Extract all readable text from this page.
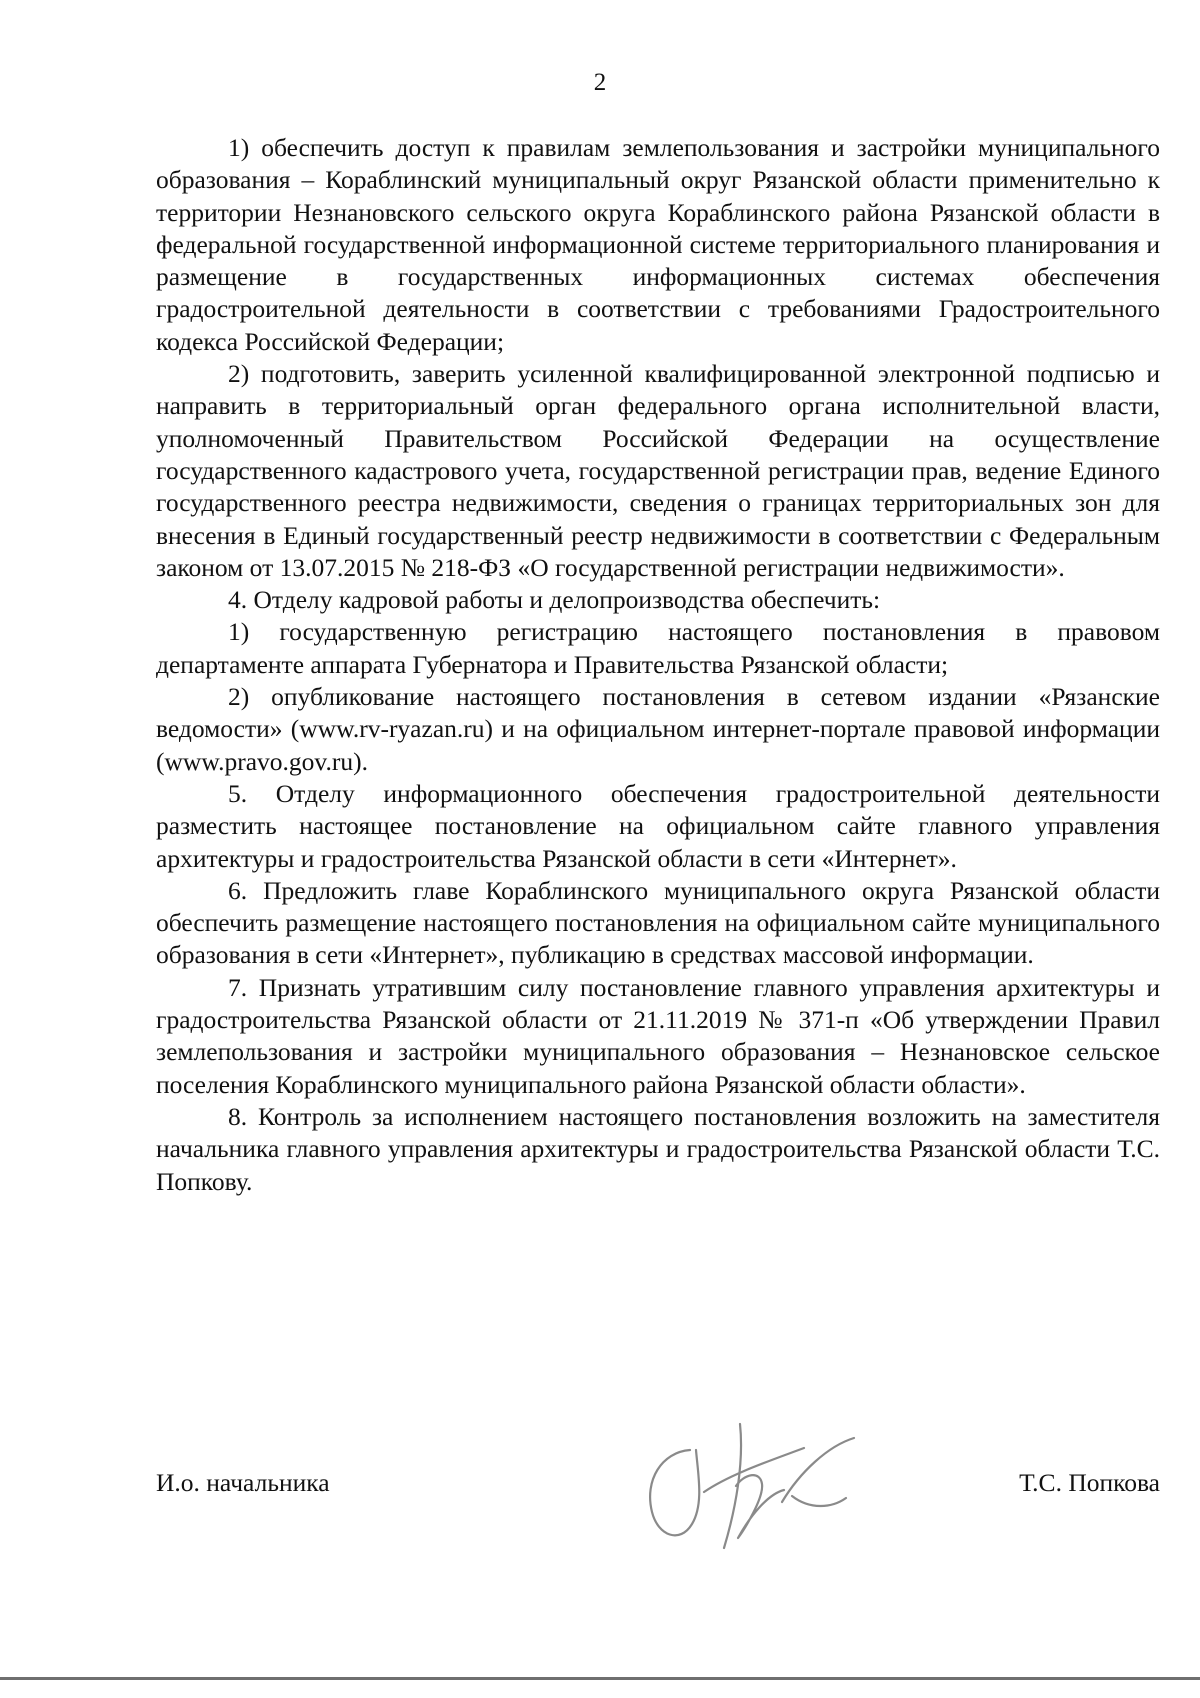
2

1) обеспечить доступ к правилам землепользования и застройки муниципального образования – Кораблинский муниципальный округ Рязанской области применительно к территории Незнановского сельского округа Кораблинского района Рязанской области в федеральной государственной информационной системе территориального планирования и размещение в государственных информационных системах обеспечения градостроительной деятельности в соответствии с требованиями Градостроительного кодекса Российской Федерации;

2) подготовить, заверить усиленной квалифицированной электронной подписью и направить в территориальный орган федерального органа исполнительной власти, уполномоченный Правительством Российской Федерации на осуществление государственного кадастрового учета, государственной регистрации прав, ведение Единого государственного реестра недвижимости, сведения о границах территориальных зон для внесения в Единый государственный реестр недвижимости в соответствии с Федеральным законом от 13.07.2015 № 218-ФЗ «О государственной регистрации недвижимости».

4. Отделу кадровой работы и делопроизводства обеспечить:

1) государственную регистрацию настоящего постановления в правовом департаменте аппарата Губернатора и Правительства Рязанской области;

2) опубликование настоящего постановления в сетевом издании «Рязанские ведомости» (www.rv-ryazan.ru) и на официальном интернет-портале правовой информации (www.pravo.gov.ru).

5. Отделу информационного обеспечения градостроительной деятельности разместить настоящее постановление на официальном сайте главного управления архитектуры и градостроительства Рязанской области в сети «Интернет».

6. Предложить главе Кораблинского муниципального округа Рязанской области обеспечить размещение настоящего постановления на официальном сайте муниципального образования в сети «Интернет», публикацию в средствах массовой информации.

7. Признать утратившим силу постановление главного управления архитектуры и градостроительства Рязанской области от 21.11.2019 № 371-п «Об утверждении Правил землепользования и застройки муниципального образования – Незнановское сельское поселения Кораблинского муниципального района Рязанской области области».

8. Контроль за исполнением настоящего постановления возложить на заместителя начальника главного управления архитектуры и градостроительства Рязанской области Т.С. Попкову.

И.о. начальника	Т.С. Попкова
